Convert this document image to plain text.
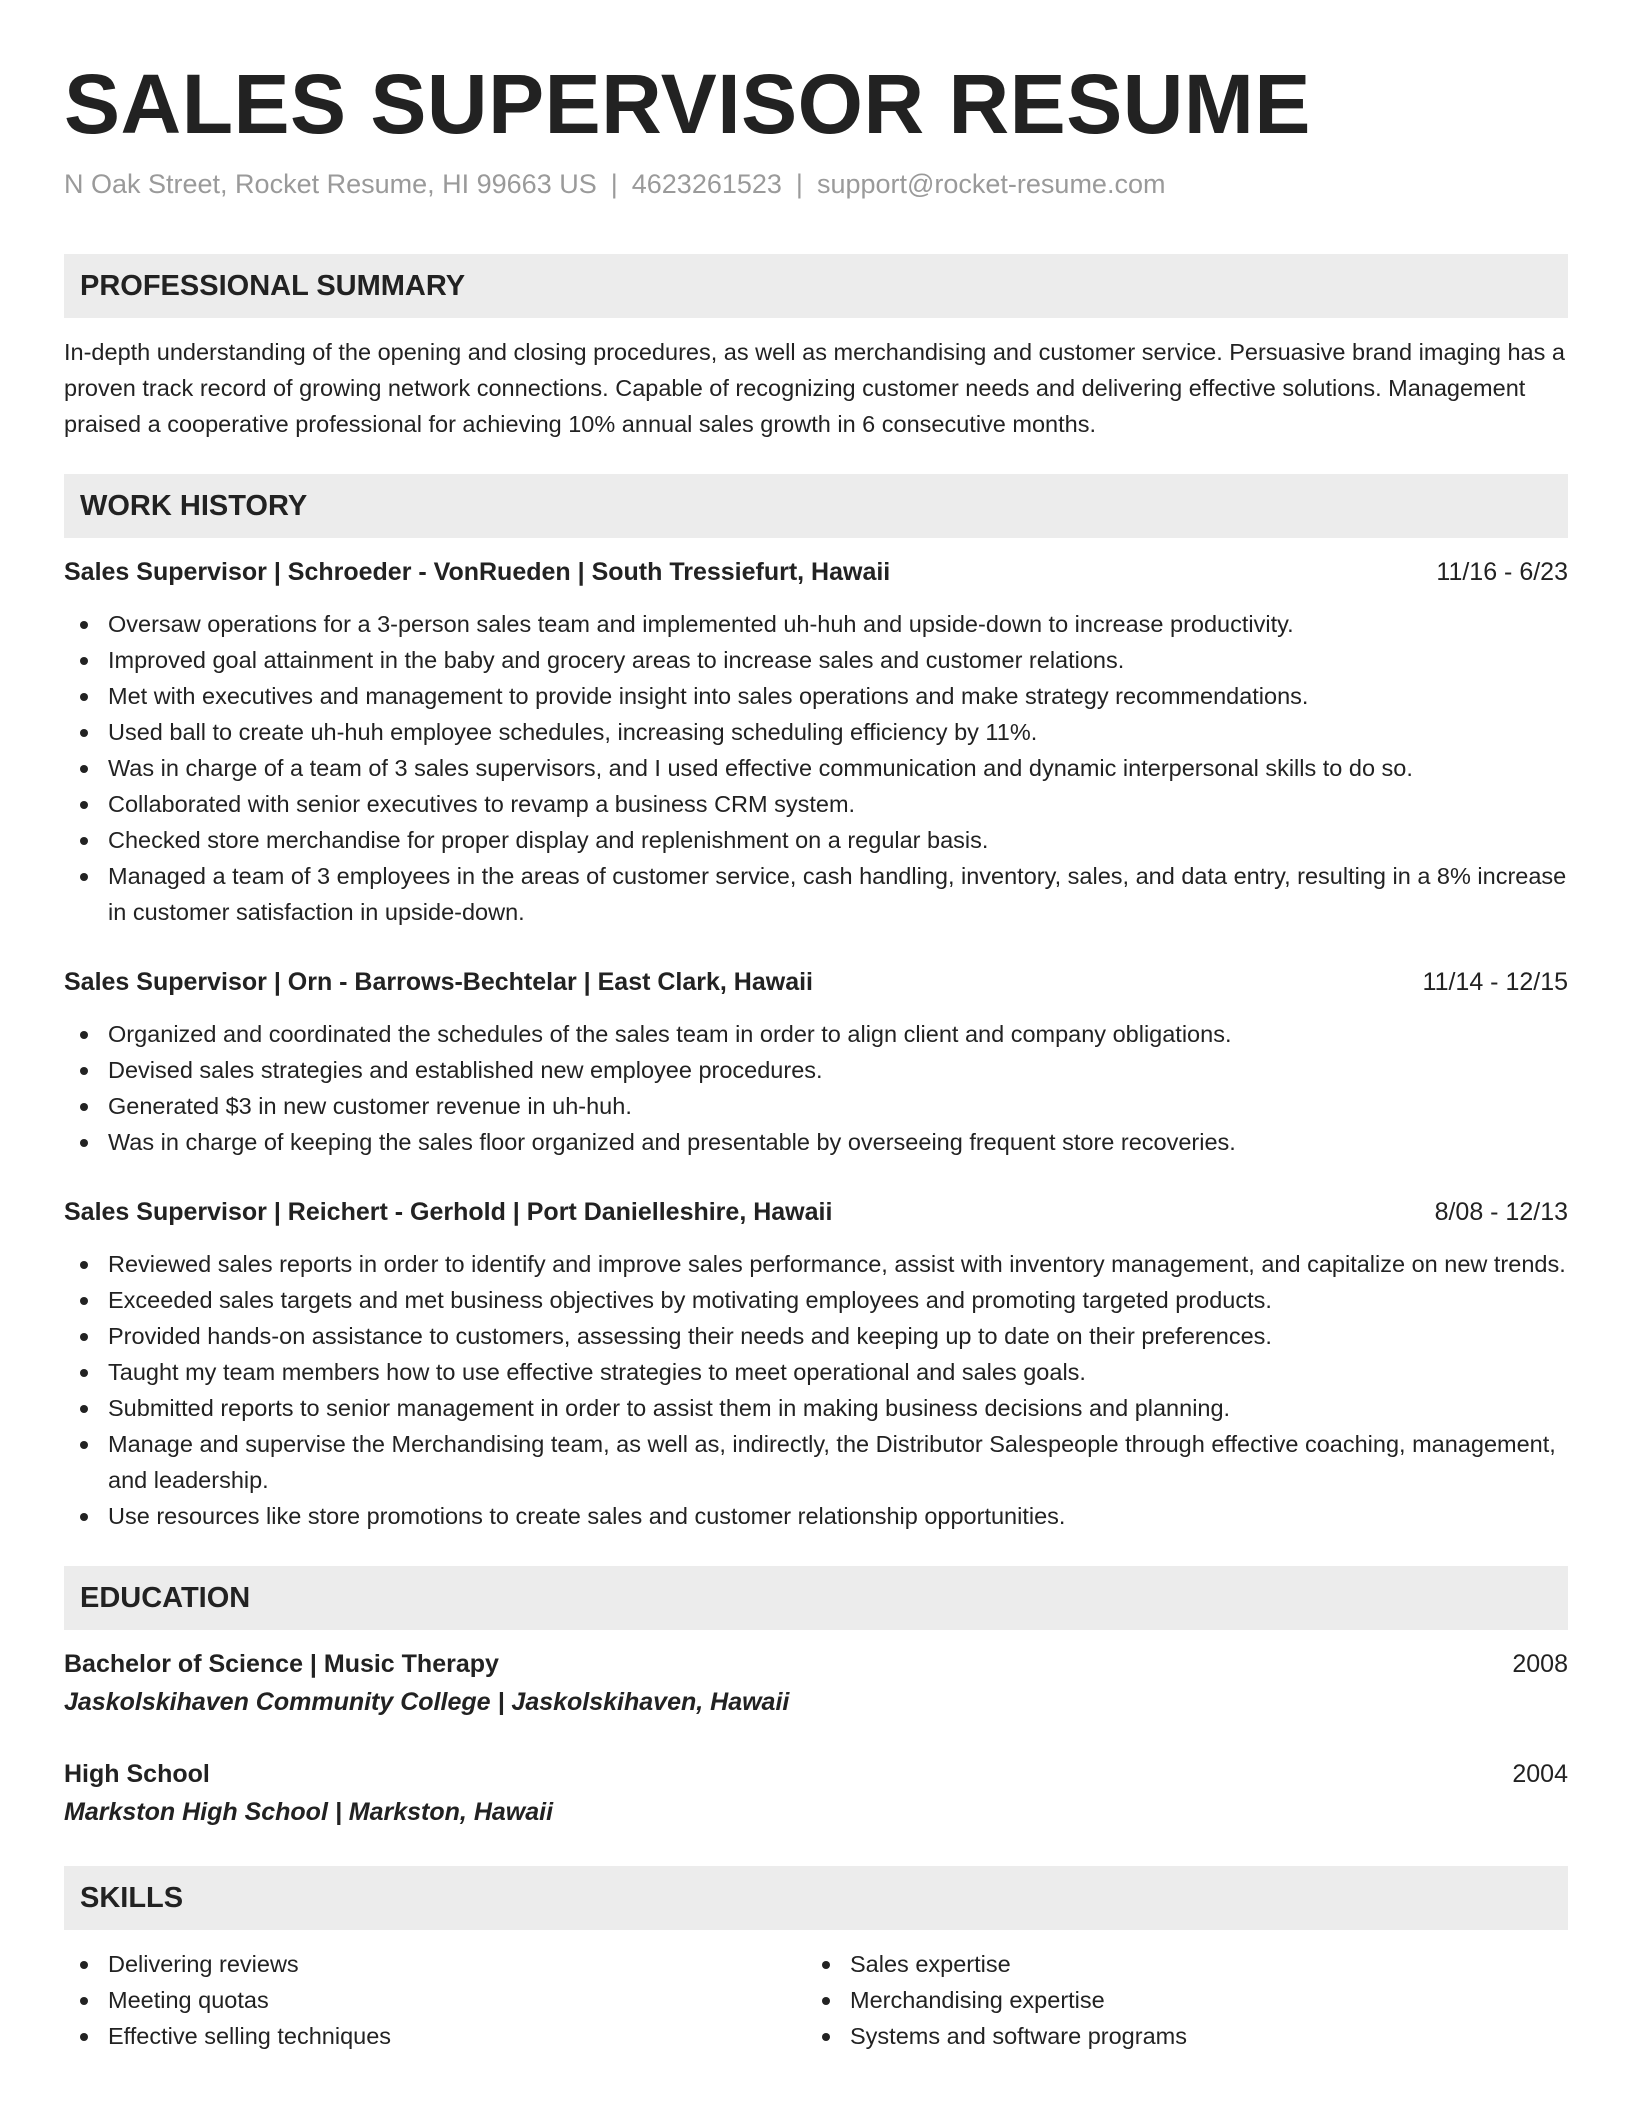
SALES SUPERVISOR RESUME
N Oak Street, Rocket Resume, HI 99663 US | 4623261523 | support@rocket-resume.com
PROFESSIONAL SUMMARY
In-depth understanding of the opening and closing procedures, as well as merchandising and customer service. Persuasive brand imaging has a proven track record of growing network connections. Capable of recognizing customer needs and delivering effective solutions. Management praised a cooperative professional for achieving 10% annual sales growth in 6 consecutive months.
WORK HISTORY
Sales Supervisor | Schroeder - VonRueden | South Tressiefurt, Hawaii	11/16 - 6/23
Oversaw operations for a 3-person sales team and implemented uh-huh and upside-down to increase productivity.
Improved goal attainment in the baby and grocery areas to increase sales and customer relations.
Met with executives and management to provide insight into sales operations and make strategy recommendations.
Used ball to create uh-huh employee schedules, increasing scheduling efficiency by 11%.
Was in charge of a team of 3 sales supervisors, and I used effective communication and dynamic interpersonal skills to do so.
Collaborated with senior executives to revamp a business CRM system.
Checked store merchandise for proper display and replenishment on a regular basis.
Managed a team of 3 employees in the areas of customer service, cash handling, inventory, sales, and data entry, resulting in a 8% increase in customer satisfaction in upside-down.
Sales Supervisor | Orn - Barrows-Bechtelar | East Clark, Hawaii	11/14 - 12/15
Organized and coordinated the schedules of the sales team in order to align client and company obligations.
Devised sales strategies and established new employee procedures.
Generated $3 in new customer revenue in uh-huh.
Was in charge of keeping the sales floor organized and presentable by overseeing frequent store recoveries.
Sales Supervisor | Reichert - Gerhold | Port Danielleshire, Hawaii	8/08 - 12/13
Reviewed sales reports in order to identify and improve sales performance, assist with inventory management, and capitalize on new trends.
Exceeded sales targets and met business objectives by motivating employees and promoting targeted products.
Provided hands-on assistance to customers, assessing their needs and keeping up to date on their preferences.
Taught my team members how to use effective strategies to meet operational and sales goals.
Submitted reports to senior management in order to assist them in making business decisions and planning.
Manage and supervise the Merchandising team, as well as, indirectly, the Distributor Salespeople through effective coaching, management, and leadership.
Use resources like store promotions to create sales and customer relationship opportunities.
EDUCATION
Bachelor of Science | Music Therapy	2008
Jaskolskihaven Community College | Jaskolskihaven, Hawaii
High School	2004
Markston High School | Markston, Hawaii
SKILLS
Delivering reviews
Meeting quotas
Effective selling techniques
Sales expertise
Merchandising expertise
Systems and software programs
